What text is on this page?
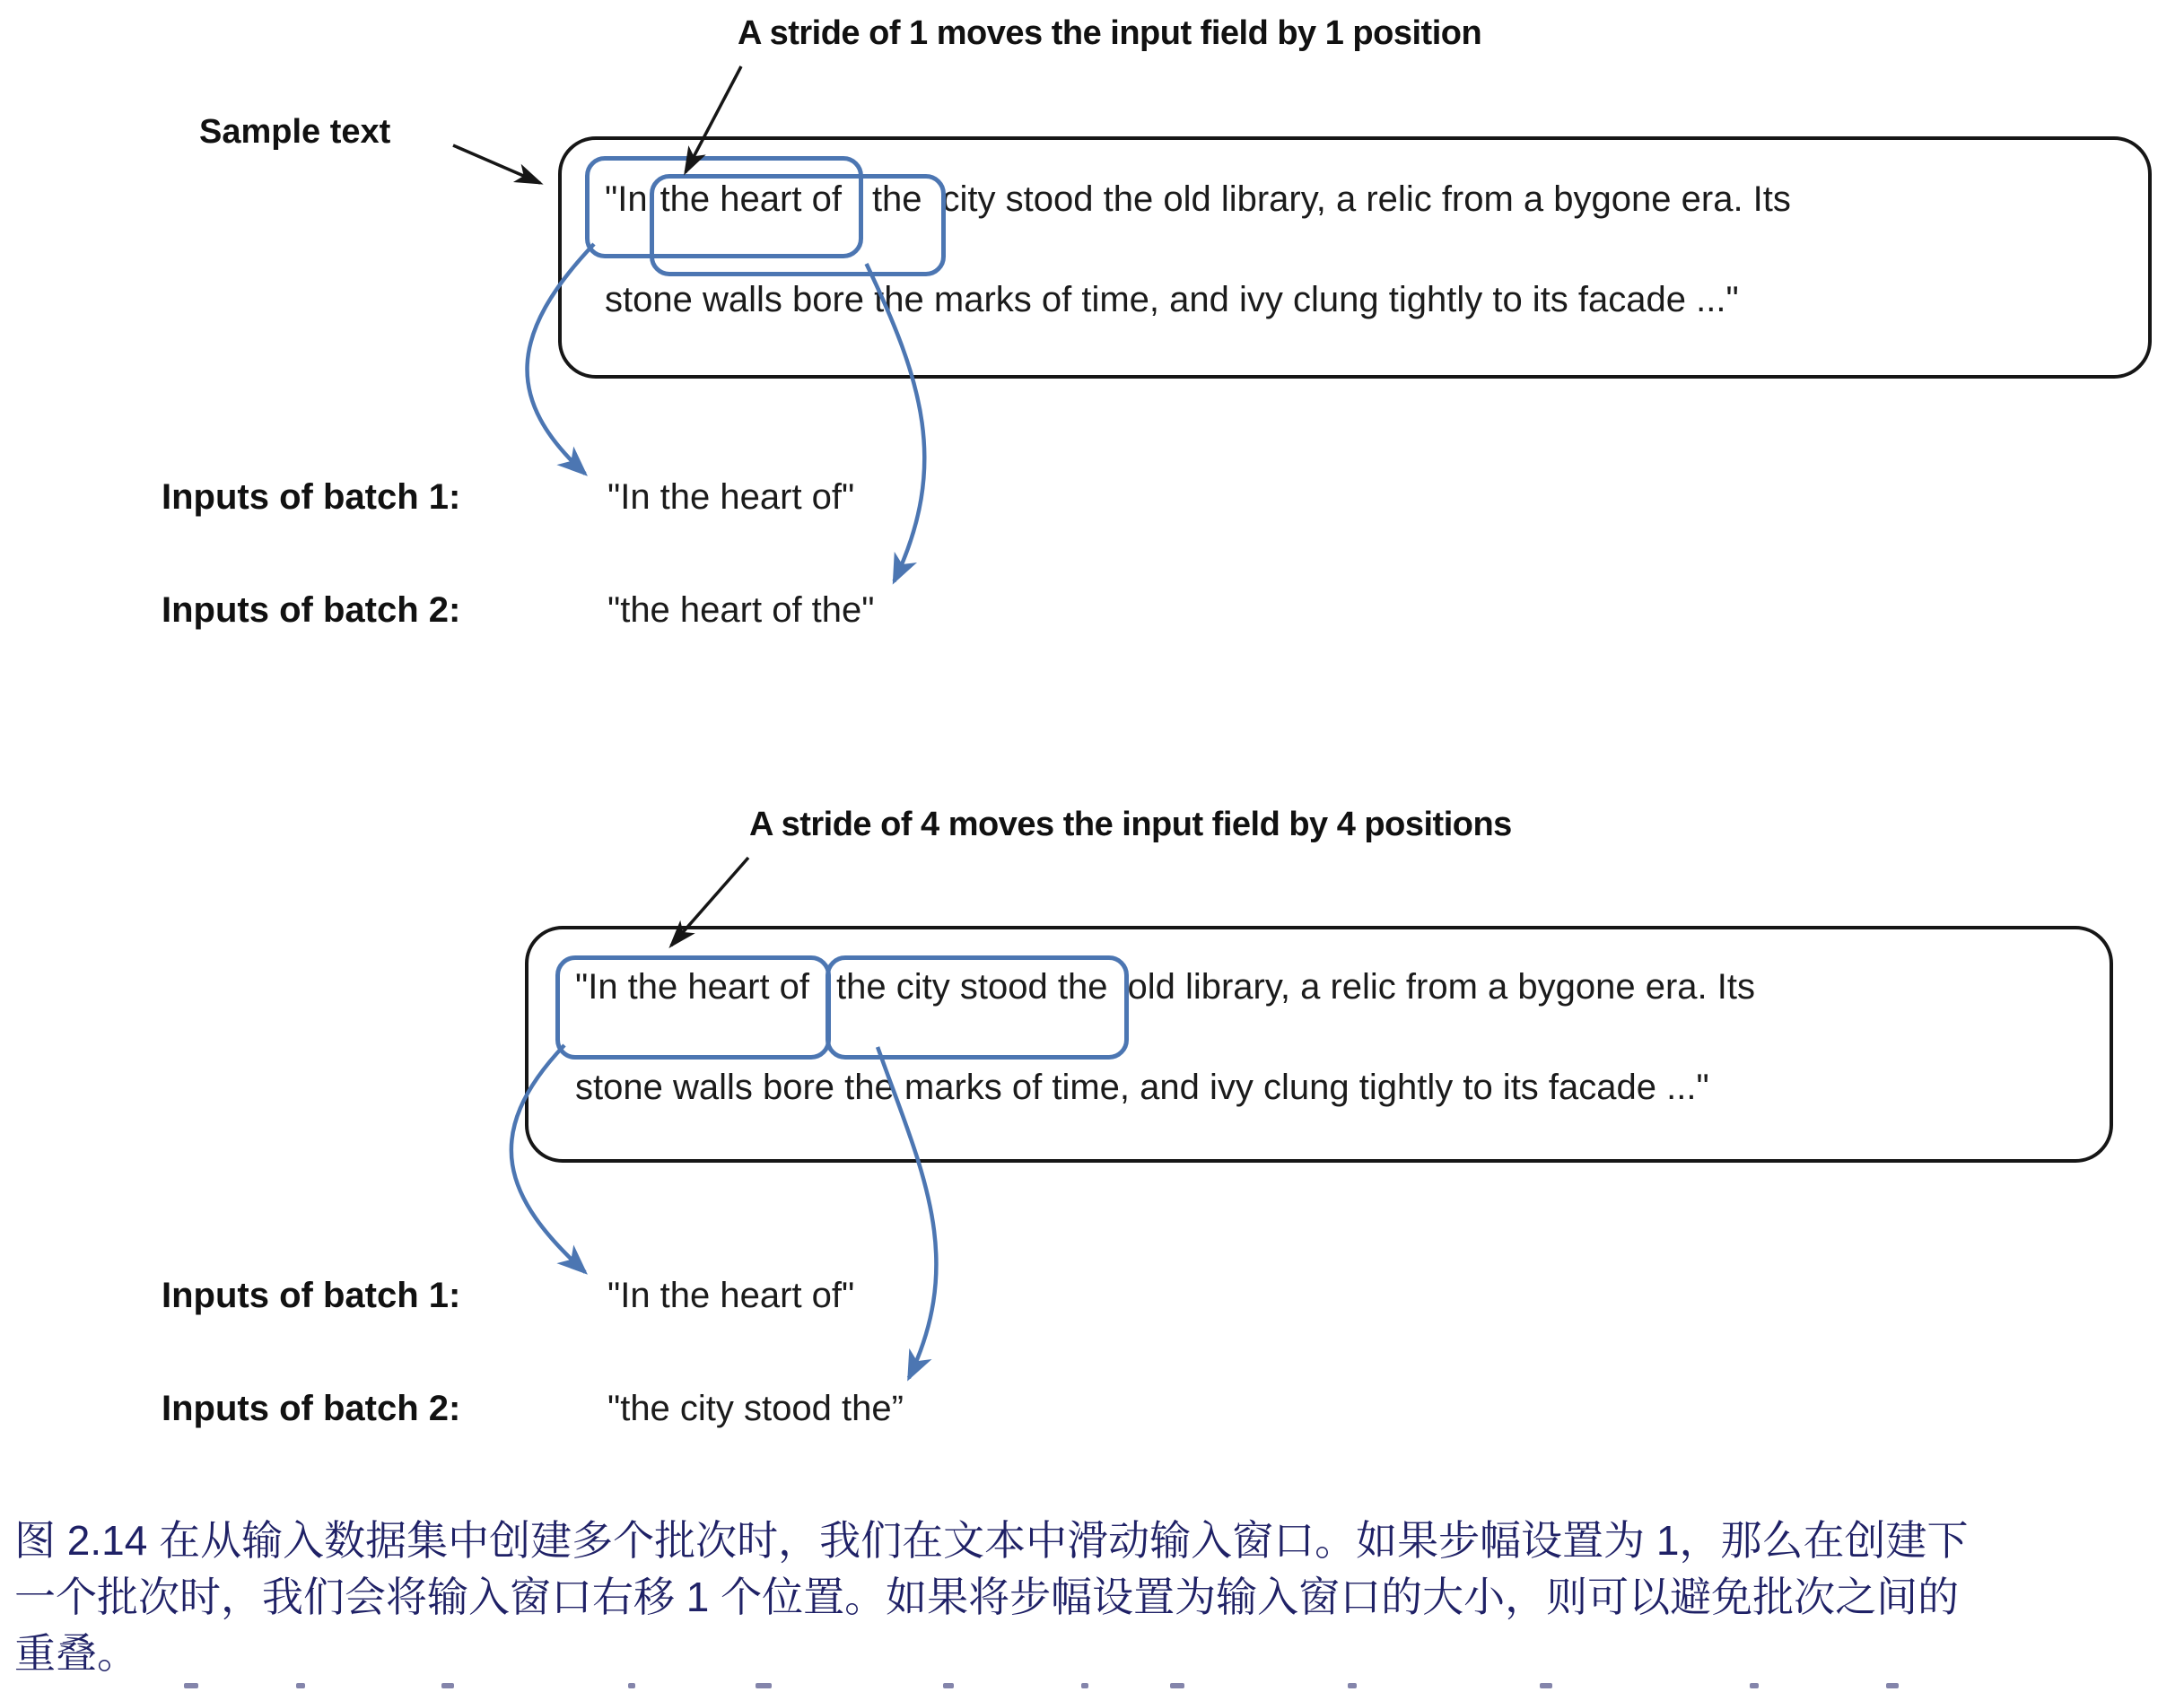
A stride of 1 moves the input field by 1 position
Sample text
"In the heart of the city stood the old library, a relic from a bygone era. Its
stone walls bore the marks of time, and ivy clung tightly to its facade ..."
Inputs of batch 1:	"In the heart of"
Inputs of batch 2:	"the heart of the"
A stride of 4 moves the input field by 4 positions
"In the heart of the city stood the old library, a relic from a bygone era. Its
stone walls bore the marks of time, and ivy clung tightly to its facade ..."
Inputs of batch 1:	"In the heart of"
Inputs of batch 2:	"the city stood the”
图 2.14 在从输入数据集中创建多个批次时，我们在文本中滑动输入窗口。如果步幅设置为 1，那么在创建下
一个批次时，我们会将输入窗口右移 1 个位置。如果将步幅设置为输入窗口的大小，则可以避免批次之间的
重叠。
